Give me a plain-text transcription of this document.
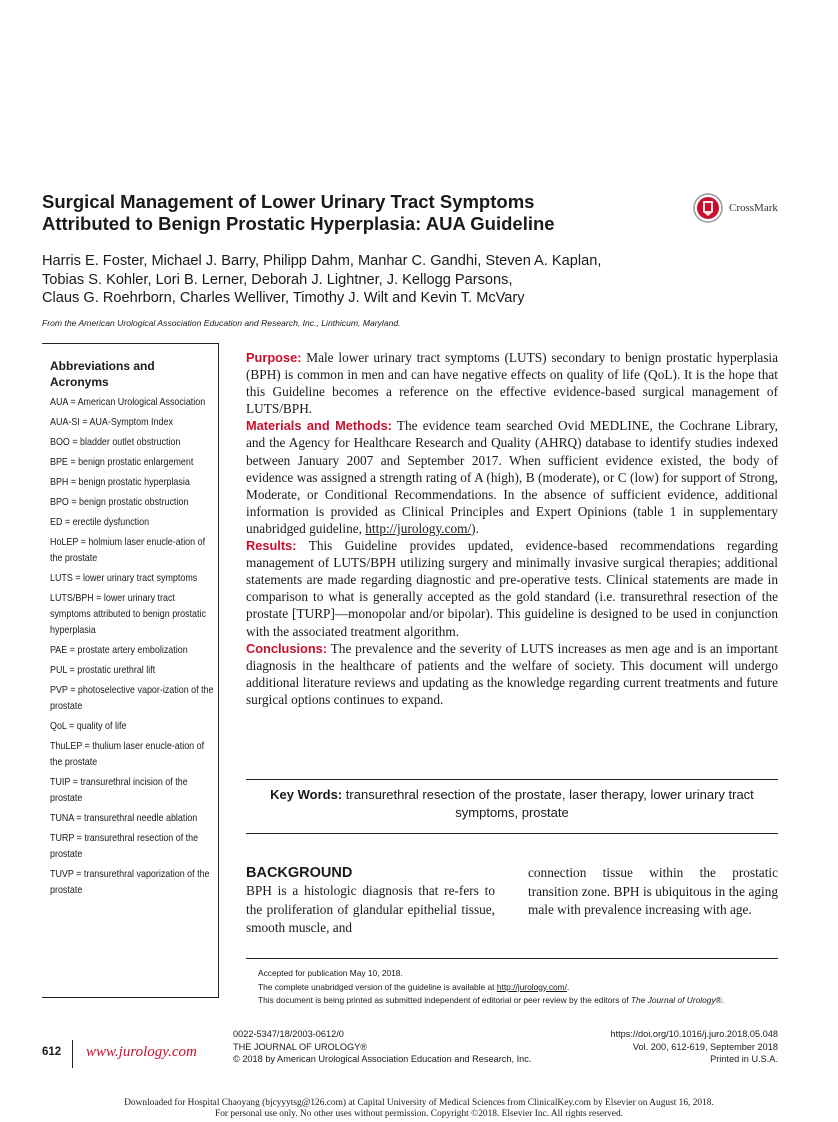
Surgical Management of Lower Urinary Tract Symptoms
Attributed to Benign Prostatic Hyperplasia: AUA Guideline
CrossMark
Harris E. Foster, Michael J. Barry, Philipp Dahm, Manhar C. Gandhi, Steven A. Kaplan,
Tobias S. Kohler, Lori B. Lerner, Deborah J. Lightner, J. Kellogg Parsons,
Claus G. Roehrborn, Charles Welliver, Timothy J. Wilt and Kevin T. McVary
From the American Urological Association Education and Research, Inc., Linthicum, Maryland.
Abbreviations and Acronyms
AUA = American Urological Association
AUA-SI = AUA-Symptom Index
BOO = bladder outlet obstruction
BPE = benign prostatic enlargement
BPH = benign prostatic hyperplasia
BPO = benign prostatic obstruction
ED = erectile dysfunction
HoLEP = holmium laser enucle-ation of the prostate
LUTS = lower urinary tract symptoms
LUTS/BPH = lower urinary tract symptoms attributed to benign prostatic hyperplasia
PAE = prostate artery embolization
PUL = prostatic urethral lift
PVP = photoselective vapor-ization of the prostate
QoL = quality of life
ThuLEP = thulium laser enucle-ation of the prostate
TUIP = transurethral incision of the prostate
TUNA = transurethral needle ablation
TURP = transurethral resection of the prostate
TUVP = transurethral vaporization of the prostate

Purpose: Male lower urinary tract symptoms (LUTS) secondary to benign prostatic hyperplasia (BPH) is common in men and can have negative effects on quality of life (QoL). It is the hope that this Guideline becomes a reference on the effective evidence-based surgical management of LUTS/BPH.

Materials and Methods: The evidence team searched Ovid MEDLINE, the Cochrane Library, and the Agency for Healthcare Research and Quality (AHRQ) database to identify studies indexed between January 2007 and September 2017. When sufficient evidence existed, the body of evidence was assigned a strength rating of A (high), B (moderate), or C (low) for support of Strong, Moderate, or Conditional Recommendations. In the absence of sufficient evidence, additional information is provided as Clinical Principles and Expert Opinions (table 1 in supplementary unabridged guideline, http://jurology.com/).

Results: This Guideline provides updated, evidence-based recommendations regarding management of LUTS/BPH utilizing surgery and minimally invasive surgical therapies; additional statements are made regarding diagnostic and pre-operative tests. Clinical statements are made in comparison to what is generally accepted as the gold standard (i.e. transurethral resection of the prostate [TURP]—monopolar and/or bipolar). This guideline is designed to be used in conjunction with the associated treatment algorithm.

Conclusions: The prevalence and the severity of LUTS increases as men age and is an important diagnosis in the healthcare of patients and the welfare of society. This document will undergo additional literature reviews and updating as the knowledge regarding current treatments and future surgical options continues to expand.

Key Words: transurethral resection of the prostate, laser therapy, lower urinary tract symptoms, prostate
BACKGROUND
BPH is a histologic diagnosis that re-fers to the proliferation of glandular epithelial tissue, smooth muscle, and
connection tissue within the prostatic transition zone. BPH is ubiquitous in the aging male with prevalence increasing with age.
Accepted for publication May 10, 2018.
The complete unabridged version of the guideline is available at http://jurology.com/.
This document is being printed as submitted independent of editorial or peer review by the editors of The Journal of Urology®.
612 www.jurology.com
0022-5347/18/2003-0612/0
THE JOURNAL OF UROLOGY®
© 2018 by American Urological Association Education and Research, Inc.
https://doi.org/10.1016/j.juro.2018.05.048
Vol. 200, 612-619, September 2018
Printed in U.S.A.
Downloaded for Hospital Chaoyang (bjcyyytsg@126.com) at Capital University of Medical Sciences from ClinicalKey.com by Elsevier on August 16, 2018.
For personal use only. No other uses without permission. Copyright ©2018. Elsevier Inc. All rights reserved.
